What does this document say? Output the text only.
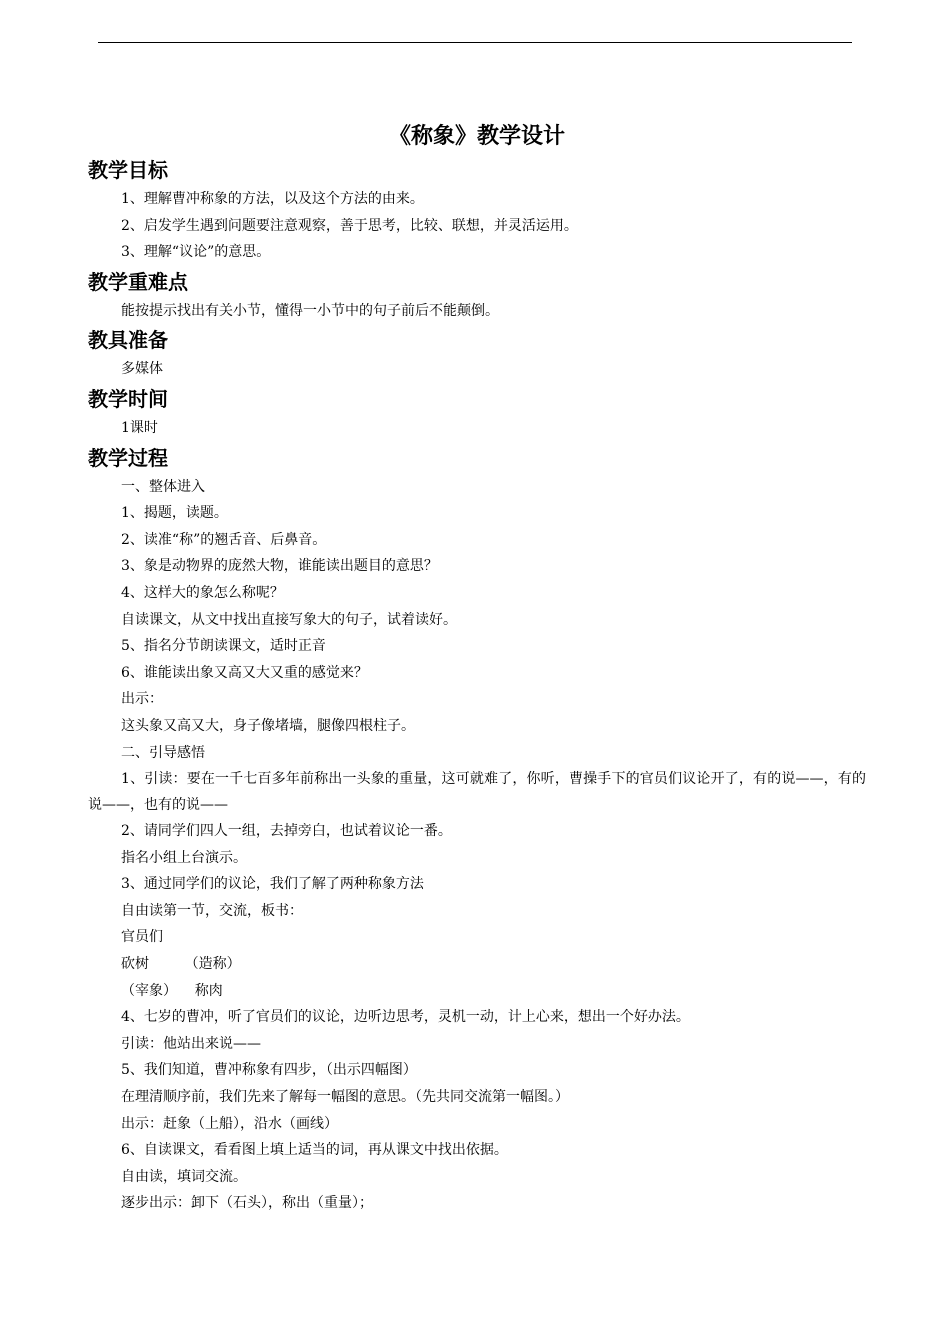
《称象》教学设计
教学目标

1、理解曹冲称象的方法，以及这个方法的由来。

2、启发学生遇到问题要注意观察，善于思考，比较、联想，并灵活运用。

3、理解“议论”的意思。

教学重难点

能按提示找出有关小节，懂得一小节中的句子前后不能颠倒。

教具准备

多媒体

教学时间

1课时

教学过程

一、整体进入

1、揭题，读题。

2、读准“称”的翘舌音、后鼻音。

3、象是动物界的庞然大物，谁能读出题目的意思？

4、这样大的象怎么称呢？

自读课文，从文中找出直接写象大的句子，试着读好。

5、指名分节朗读课文，适时正音

6、谁能读出象又高又大又重的感觉来？

出示：

这头象又高又大，身子像堵墙，腿像四根柱子。

二、引导感悟

1、引读：要在一千七百多年前称出一头象的重量，这可就难了，你听，曹操手下的官员们议论开了，有的说——，有的说——，也有的说——

2、请同学们四人一组，去掉旁白，也试着议论一番。

指名小组上台演示。

3、通过同学们的议论，我们了解了两种称象方法

自由读第一节，交流，板书：

官员们

砍树        （造称）

（宰象）    称肉

4、七岁的曹冲，听了官员们的议论，边听边思考，灵机一动，计上心来，想出一个好办法。

引读：他站出来说——

5、我们知道，曹冲称象有四步，（出示四幅图）

在理清顺序前，我们先来了解每一幅图的意思。（先共同交流第一幅图。）

出示：赶象（上船），沿水（画线）

6、自读课文，看看图上填上适当的词，再从课文中找出依据。

自由读，填词交流。

逐步出示：卸下（石头），称出（重量）；
